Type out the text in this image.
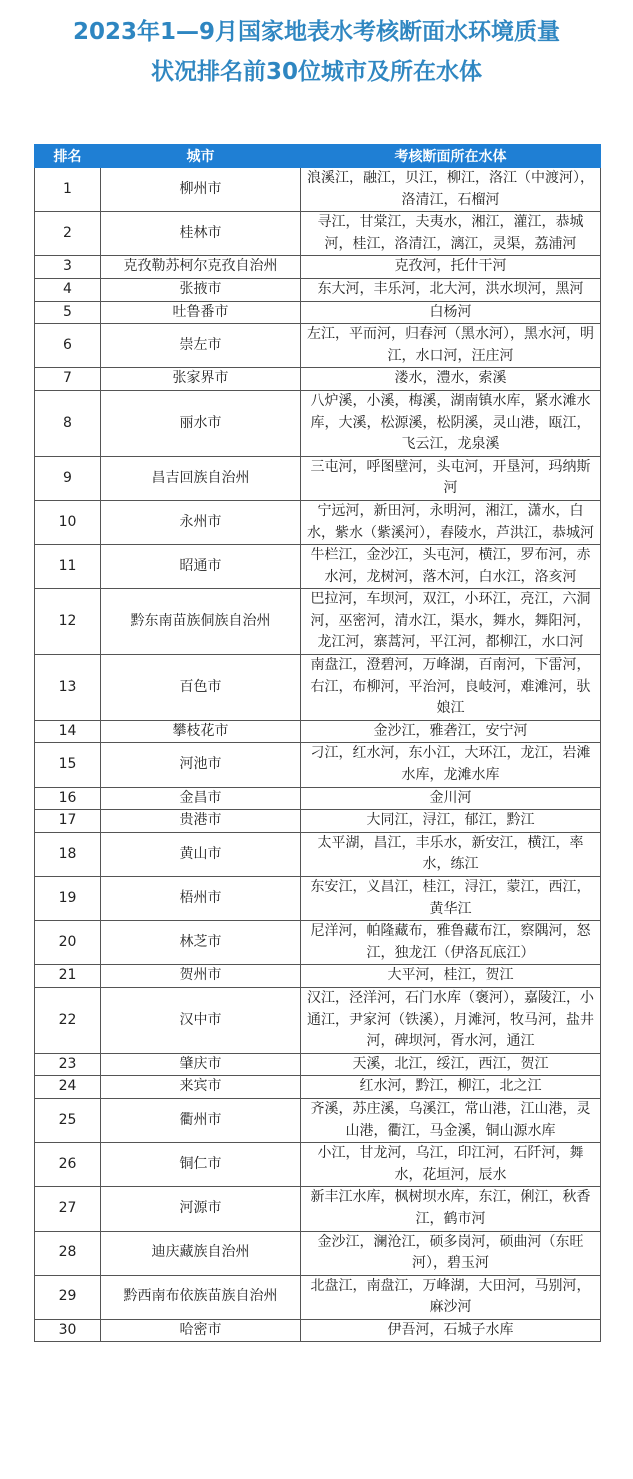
2023年1—9月国家地表水考核断面水环境质量
状况排名前30位城市及所在水体
排名	城市	考核断面所在水体
1	柳州市	浪溪江，融江，贝江，柳江，洛江（中渡河），洛清江，石榴河
2	桂林市	寻江，甘棠江，夫夷水，湘江，灌江，恭城河，桂江，洛清江，漓江，灵渠，荔浦河
3	克孜勒苏柯尔克孜自治州	克孜河，托什干河
4	张掖市	东大河，丰乐河，北大河，洪水坝河，黑河
5	吐鲁番市	白杨河
6	崇左市	左江，平而河，归春河（黑水河），黑水河，明江，水口河，汪庄河
7	张家界市	溇水，澧水，索溪
8	丽水市	八炉溪，小溪，梅溪，湖南镇水库，紧水滩水库，大溪，松源溪，松阴溪，灵山港，瓯江，飞云江，龙泉溪
9	昌吉回族自治州	三屯河，呼图壁河，头屯河，开垦河，玛纳斯河
10	永州市	宁远河，新田河，永明河，湘江，潇水，白水，紫水（紫溪河），舂陵水，芦洪江，恭城河
11	昭通市	牛栏江，金沙江，头屯河，横江，罗布河，赤水河，龙树河，落木河，白水江，洛亥河
12	黔东南苗族侗族自治州	巴拉河，车坝河，双江，小环江，亮江，六洞河，巫密河，清水江，渠水，舞水，舞阳河，龙江河，寨蒿河，平江河，都柳江，水口河
13	百色市	南盘江，澄碧河，万峰湖，百南河，下雷河，右江，布柳河，平治河，良岐河，难滩河，驮娘江
14	攀枝花市	金沙江，雅砻江，安宁河
15	河池市	刁江，红水河，东小江，大环江，龙江，岩滩水库，龙滩水库
16	金昌市	金川河
17	贵港市	大同江，浔江，郁江，黔江
18	黄山市	太平湖，昌江，丰乐水，新安江，横江，率水，练江
19	梧州市	东安江，义昌江，桂江，浔江，蒙江，西江，黄华江
20	林芝市	尼洋河，帕隆藏布，雅鲁藏布江，察隅河，怒江，独龙江（伊洛瓦底江）
21	贺州市	大平河，桂江，贺江
22	汉中市	汉江，泾洋河，石门水库（褒河），嘉陵江，小通江，尹家河（铁溪），月滩河，牧马河，盐井河，碑坝河，胥水河，通江
23	肇庆市	天溪，北江，绥江，西江，贺江
24	来宾市	红水河，黔江，柳江，北之江
25	衢州市	齐溪，苏庄溪，乌溪江，常山港，江山港，灵山港，衢江，马金溪，铜山源水库
26	铜仁市	小江，甘龙河，乌江，印江河，石阡河，舞水，花垣河，辰水
27	河源市	新丰江水库，枫树坝水库，东江，俐江，秋香江，鹤市河
28	迪庆藏族自治州	金沙江，澜沧江，硕多岗河，硕曲河（东旺河），碧玉河
29	黔西南布依族苗族自治州	北盘江，南盘江，万峰湖，大田河，马别河，麻沙河
30	哈密市	伊吾河，石城子水库
